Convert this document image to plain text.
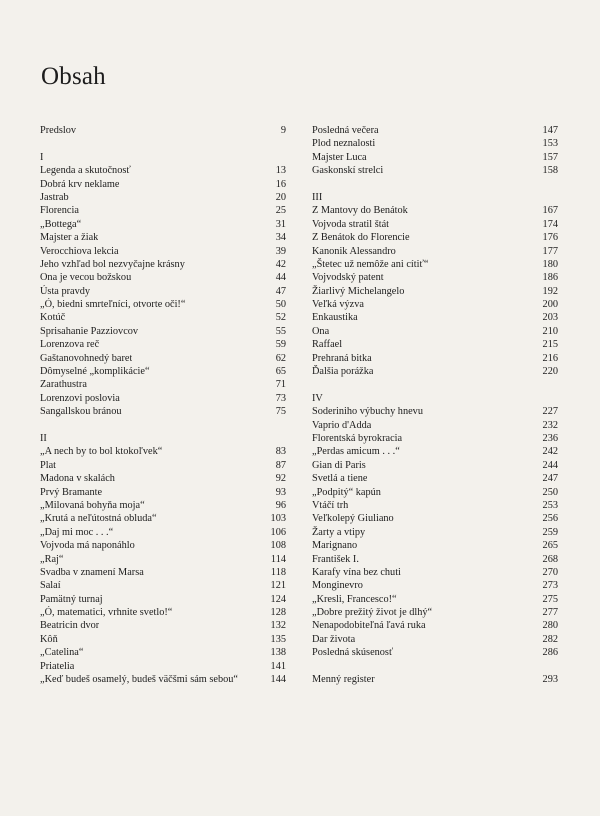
Obsah
Predslov	9
I
Legenda a skutočnosť	13
Dobrá krv neklame	16
Jastrab	20
Florencia	25
„Bottega“	31
Majster a žiak	34
Verocchiova lekcia	39
Jeho vzhľad bol nezvyčajne krásny	42
Ona je vecou božskou	44
Ústa pravdy	47
„Ó, biedni smrteľníci, otvorte oči!“	50
Kotúč	52
Sprisahanie Pazziovcov	55
Lorenzova reč	59
Gaštanovohnedý baret	62
Dômyselné „komplikácie“	65
Zarathustra	71
Lorenzovi poslovia	73
Sangallskou bránou	75
II
„A nech by to bol ktokoľvek“	83
Plat	87
Madona v skalách	92
Prvý Bramante	93
„Milovaná bohyňa moja“	96
„Krutá a neľútostná obluda“	103
„Daj mi moc . . .“	106
Vojvoda má naponáhlo	108
„Raj“	114
Svadba v znamení Marsa	118
Salaí	121
Pamätný turnaj	124
„Ó, matematici, vrhnite svetlo!“	128
Beatricin dvor	132
Kôň	135
„Catelina“	138
Priatelia	141
„Keď budeš osamelý, budeš väčšmi sám sebou“	144
Posledná večera	147
Plod neznalosti	153
Majster Luca	157
Gaskonskí strelci	158
III
Z Mantovy do Benátok	167
Vojvoda stratil štát	174
Z Benátok do Florencie	176
Kanonik Alessandro	177
„Štetec už nemôže ani cítiť“	180
Vojvodský patent	186
Žiarlivý Michelangelo	192
Veľká výzva	200
Enkaustika	203
Ona	210
Raffael	215
Prehraná bitka	216
Ďalšia porážka	220
IV
Soderiniho výbuchy hnevu	227
Vaprio d'Adda	232
Florentská byrokracia	236
„Perdas amicum . . .“	242
Gian di Paris	244
Svetlá a tiene	247
„Podpitý“ kapún	250
Vtáčí trh	253
Veľkolepý Giuliano	256
Žarty a vtipy	259
Marignano	265
František I.	268
Karafy vína bez chuti	270
Monginevro	273
„Kresli, Francesco!“	275
„Dobre prežitý život je dlhý“	277
Nenapodobiteľná ľavá ruka	280
Dar života	282
Posledná skúsenosť	286
Menný register	293
